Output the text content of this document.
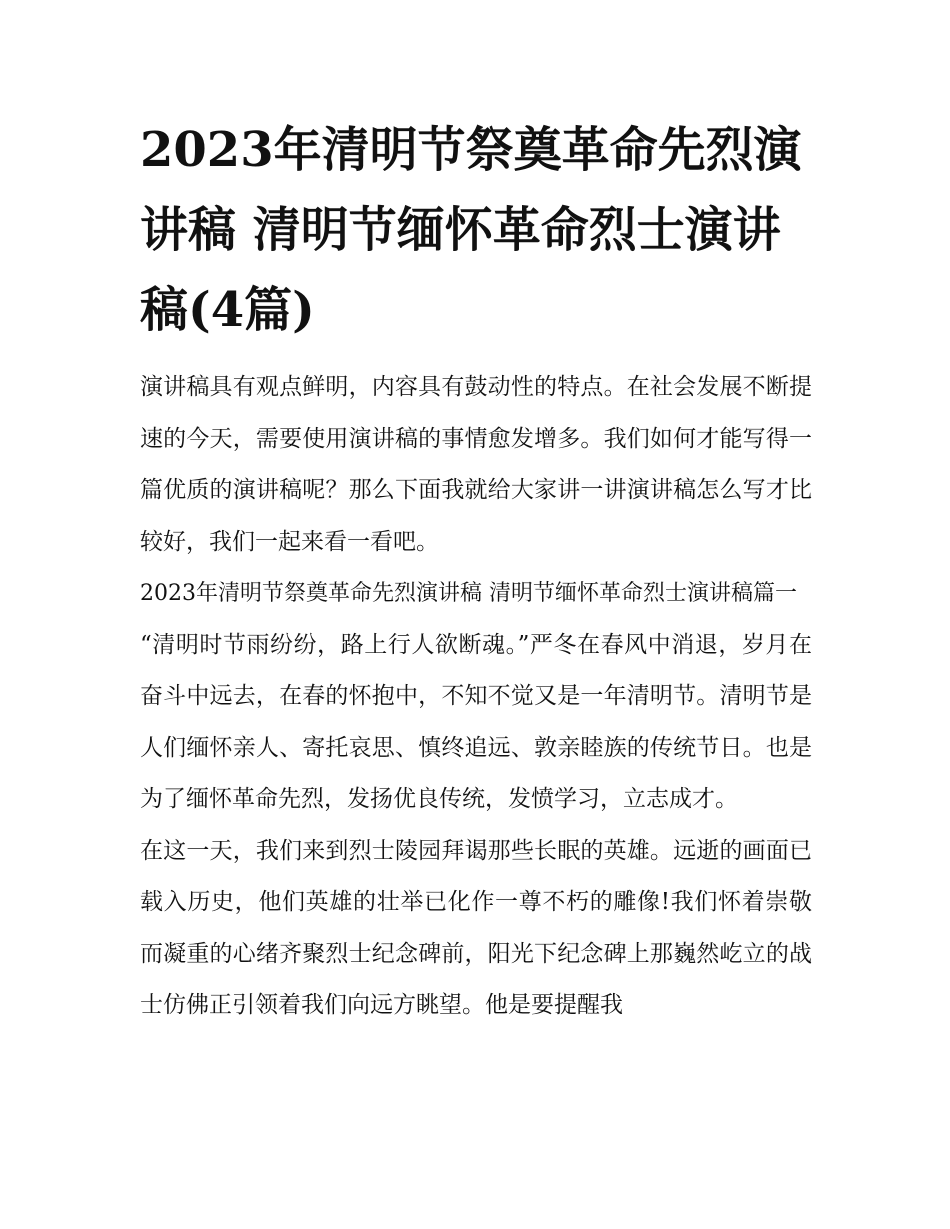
2023年清明节祭奠革命先烈演讲稿 清明节缅怀革命烈士演讲稿(4篇)

演讲稿具有观点鲜明，内容具有鼓动性的特点。在社会发展不断提速的今天，需要使用演讲稿的事情愈发增多。我们如何才能写得一篇优质的演讲稿呢？那么下面我就给大家讲一讲演讲稿怎么写才比较好，我们一起来看一看吧。

2023年清明节祭奠革命先烈演讲稿 清明节缅怀革命烈士演讲稿篇一

“清明时节雨纷纷，路上行人欲断魂。”严冬在春风中消退，岁月在奋斗中远去，在春的怀抱中，不知不觉又是一年清明节。清明节是人们缅怀亲人、寄托哀思、慎终追远、敦亲睦族的传统节日。也是为了缅怀革命先烈，发扬优良传统，发愤学习，立志成才。

在这一天，我们来到烈士陵园拜谒那些长眠的英雄。远逝的画面已载入历史，他们英雄的壮举已化作一尊不朽的雕像!我们怀着崇敬而凝重的心绪齐聚烈士纪念碑前，阳光下纪念碑上那巍然屹立的战士仿佛正引领着我们向远方眺望。他是要提醒我
